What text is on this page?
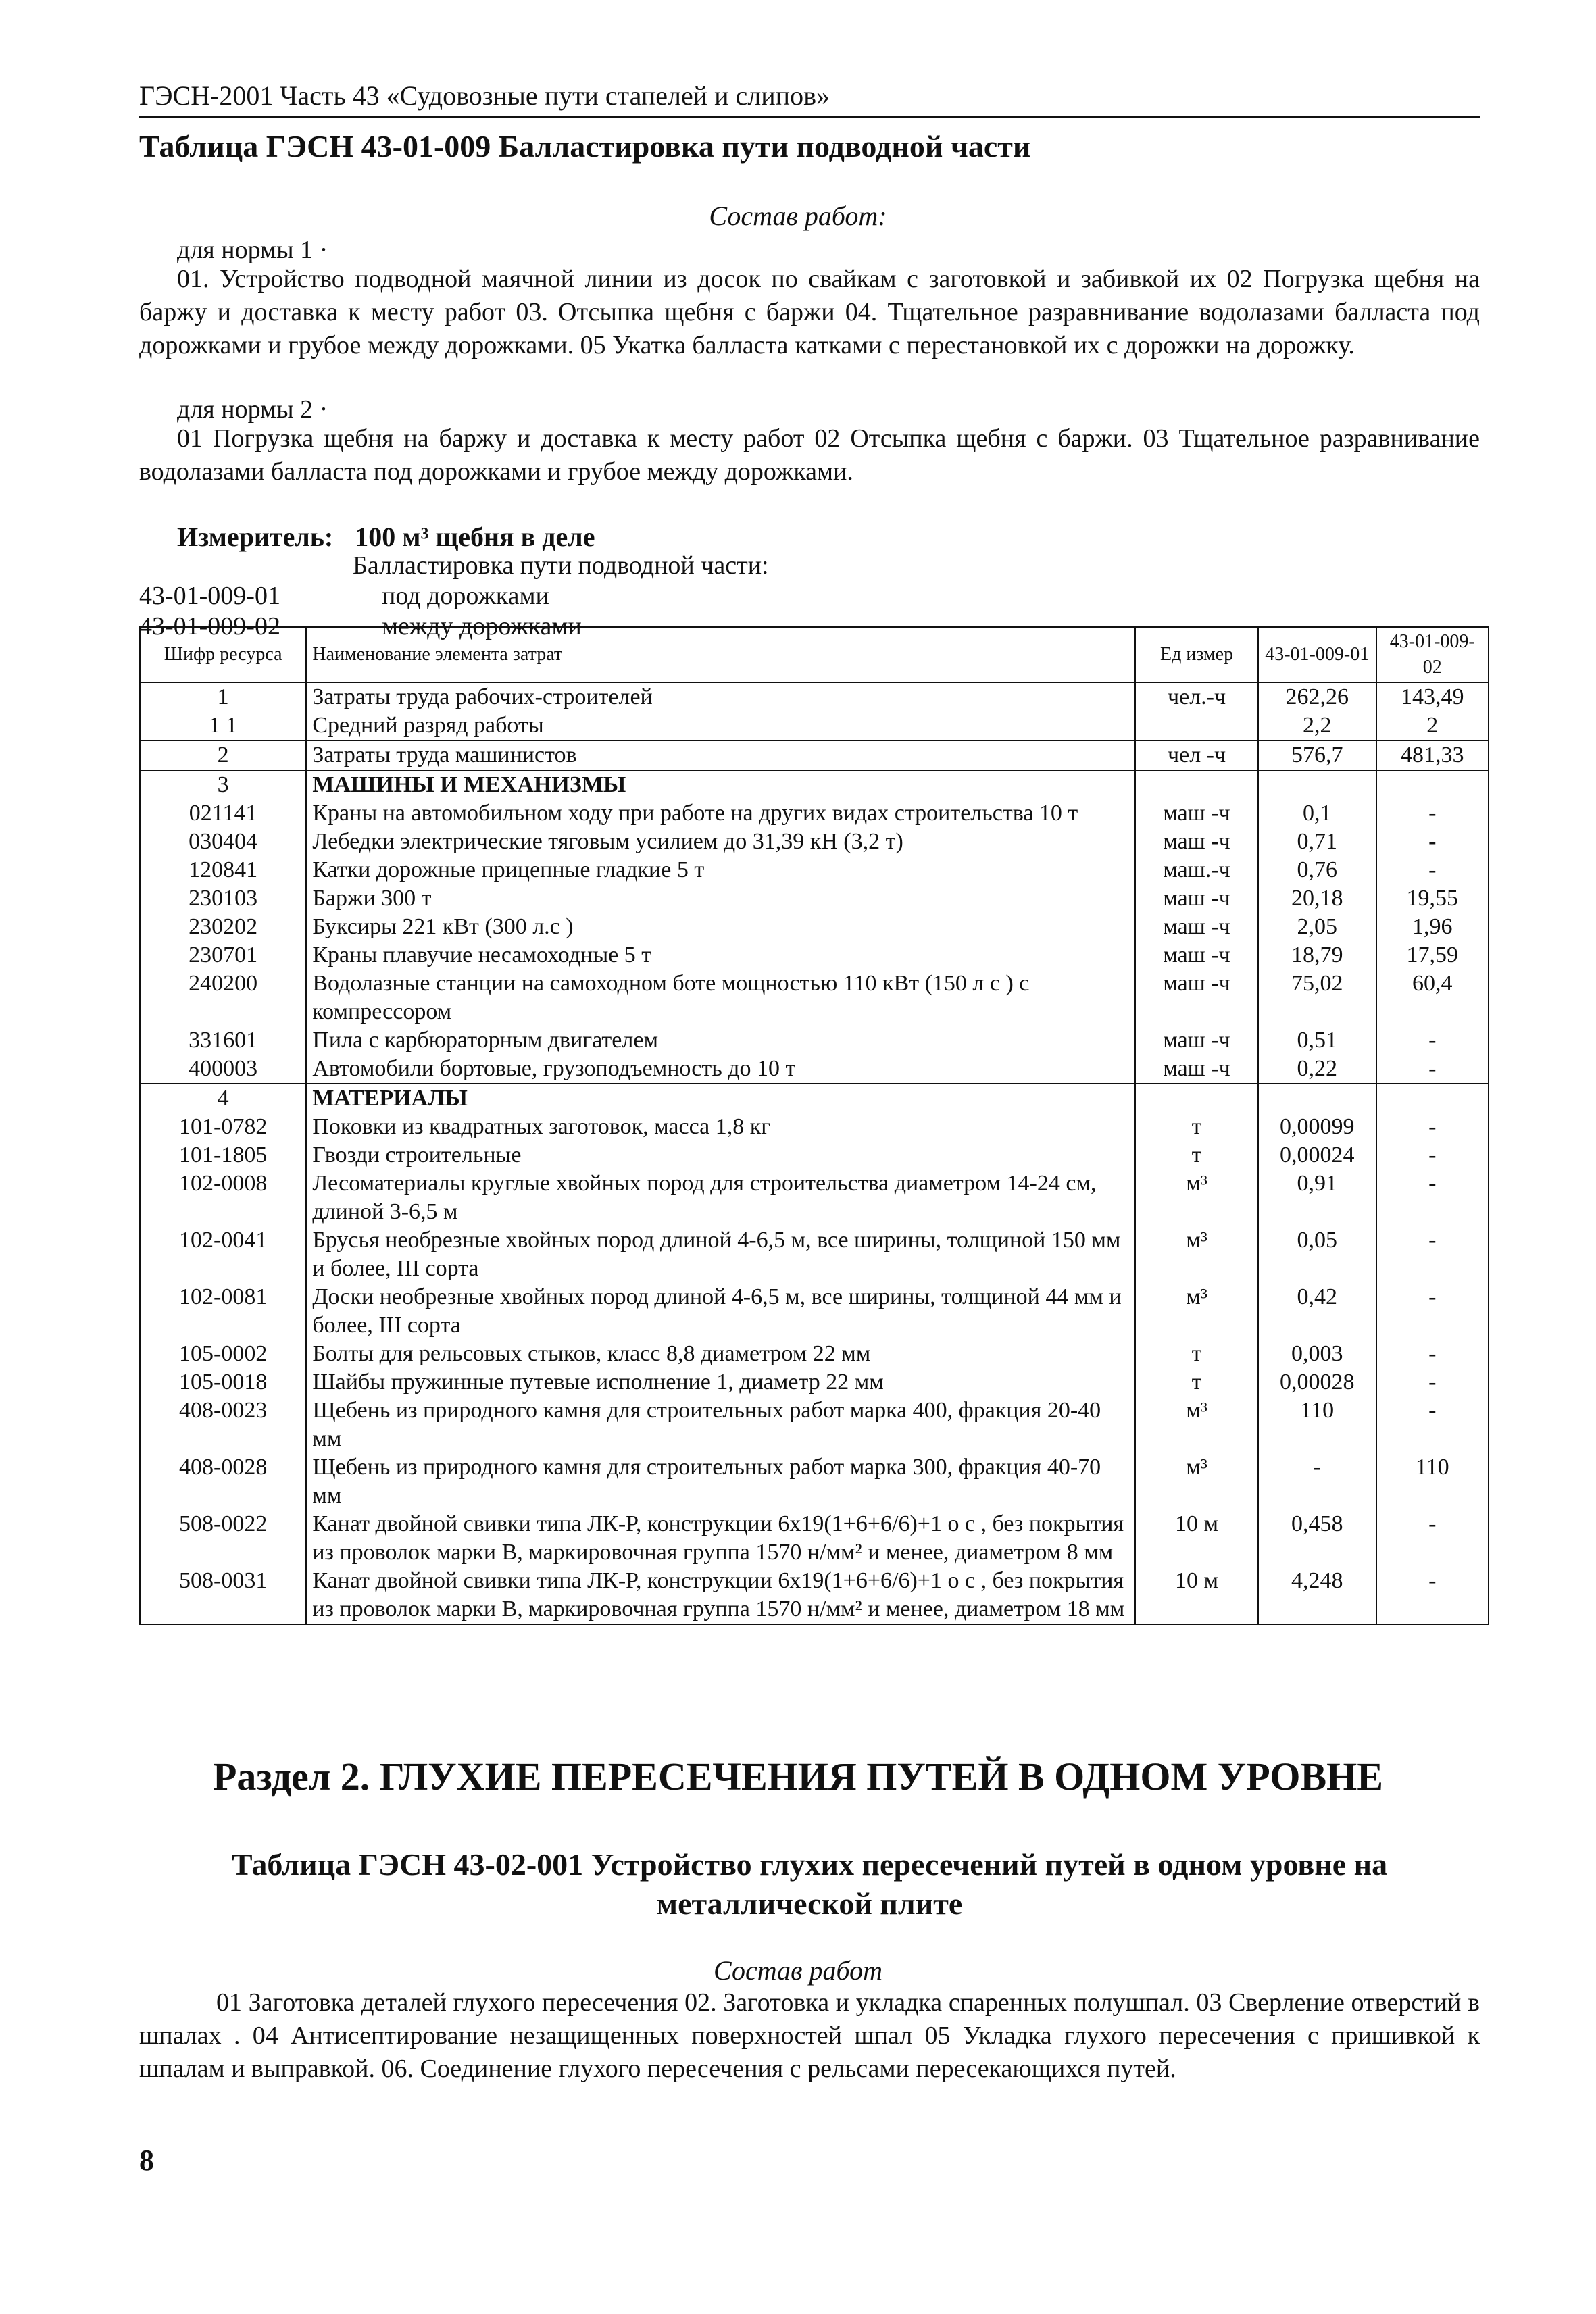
ГЭСН-2001 Часть 43 «Судовозные пути стапелей и слипов»
Таблица ГЭСН 43-01-009 Балластировка пути подводной части
Состав работ:
для нормы 1 ·
01. Устройство подводной маячной линии из досок по свайкам с заготовкой и забивкой их 02 Погрузка щебня на баржу и доставка к месту работ 03. Отсыпка щебня с баржи 04. Тщательное разравнивание водолазами балласта под дорожками и грубое между дорожками. 05 Укатка балласта катками с перестановкой их с дорожки на дорожку.
для нормы 2 ·
01 Погрузка щебня на баржу и доставка к месту работ 02 Отсыпка щебня с баржи. 03 Тщательное разравнивание водолазами балласта под дорожками и грубое между дорожками.
Измеритель: 100 м³ щебня в деле
Балластировка пути подводной части:
43-01-009-01	под дорожками
43-01-009-02	между дорожками
Шифр ресурса	Наименование элемента затрат	Ед измер	43-01-009-01	43-01-009-02
1	Затраты труда рабочих-строителей	чел.-ч	262,26	143,49
1 1	Средний разряд работы		2,2	2
2	Затраты труда машинистов	чел -ч	576,7	481,33
3	МАШИНЫ И МЕХАНИЗМЫ			
021141	Краны на автомобильном ходу при работе на других видах строительства 10 т	маш -ч	0,1	-
030404	Лебедки электрические тяговым усилием до 31,39 кН (3,2 т)	маш -ч	0,71	-
120841	Катки дорожные прицепные гладкие 5 т	маш.-ч	0,76	-
230103	Баржи 300 т	маш -ч	20,18	19,55
230202	Буксиры 221 кВт (300 л.с )	маш -ч	2,05	1,96
230701	Краны плавучие несамоходные 5 т	маш -ч	18,79	17,59
240200	Водолазные станции на самоходном боте мощностью 110 кВт (150 л с ) с компрессором	маш -ч	75,02	60,4
331601	Пила с карбюраторным двигателем	маш -ч	0,51	-
400003	Автомобили бортовые, грузоподъемность до 10 т	маш -ч	0,22	-
4	МАТЕРИАЛЫ			
101-0782	Поковки из квадратных заготовок, масса 1,8 кг	т	0,00099	-
101-1805	Гвозди строительные	т	0,00024	-
102-0008	Лесоматериалы круглые хвойных пород для строительства диаметром 14-24 см, длиной 3-6,5 м	м³	0,91	-
102-0041	Брусья необрезные хвойных пород длиной 4-6,5 м, все ширины, толщиной 150 мм и более, III сорта	м³	0,05	-
102-0081	Доски необрезные хвойных пород длиной 4-6,5 м, все ширины, толщиной 44 мм и более, III сорта	м³	0,42	-
105-0002	Болты для рельсовых стыков, класс 8,8 диаметром 22 мм	т	0,003	-
105-0018	Шайбы пружинные путевые исполнение 1, диаметр 22 мм	т	0,00028	-
408-0023	Щебень из природного камня для строительных работ марка 400, фракция 20-40 мм	м³	110	-
408-0028	Щебень из природного камня для строительных работ марка 300, фракция 40-70 мм	м³	-	110
508-0022	Канат двойной свивки типа ЛК-Р, конструкции 6х19(1+6+6/6)+1 о с , без покрытия из проволок марки В, маркировочная группа 1570 н/мм² и менее, диаметром 8 мм	10 м	0,458	-
508-0031	Канат двойной свивки типа ЛК-Р, конструкции 6х19(1+6+6/6)+1 о с , без покрытия из проволок марки В, маркировочная группа 1570 н/мм² и менее, диаметром 18 мм	10 м	4,248	-
Раздел 2. ГЛУХИЕ ПЕРЕСЕЧЕНИЯ ПУТЕЙ В ОДНОМ УРОВНЕ
Таблица ГЭСН 43-02-001 Устройство глухих пересечений путей в одном уровне на металлической плите
Состав работ
01 Заготовка деталей глухого пересечения 02. Заготовка и укладка спаренных полушпал. 03 Сверление отверстий в шпалах . 04 Антисептирование незащищенных поверхностей шпал 05 Укладка глухого пересечения с пришивкой к шпалам и выправкой. 06. Соединение глухого пересечения с рельсами пересекающихся путей.
8
